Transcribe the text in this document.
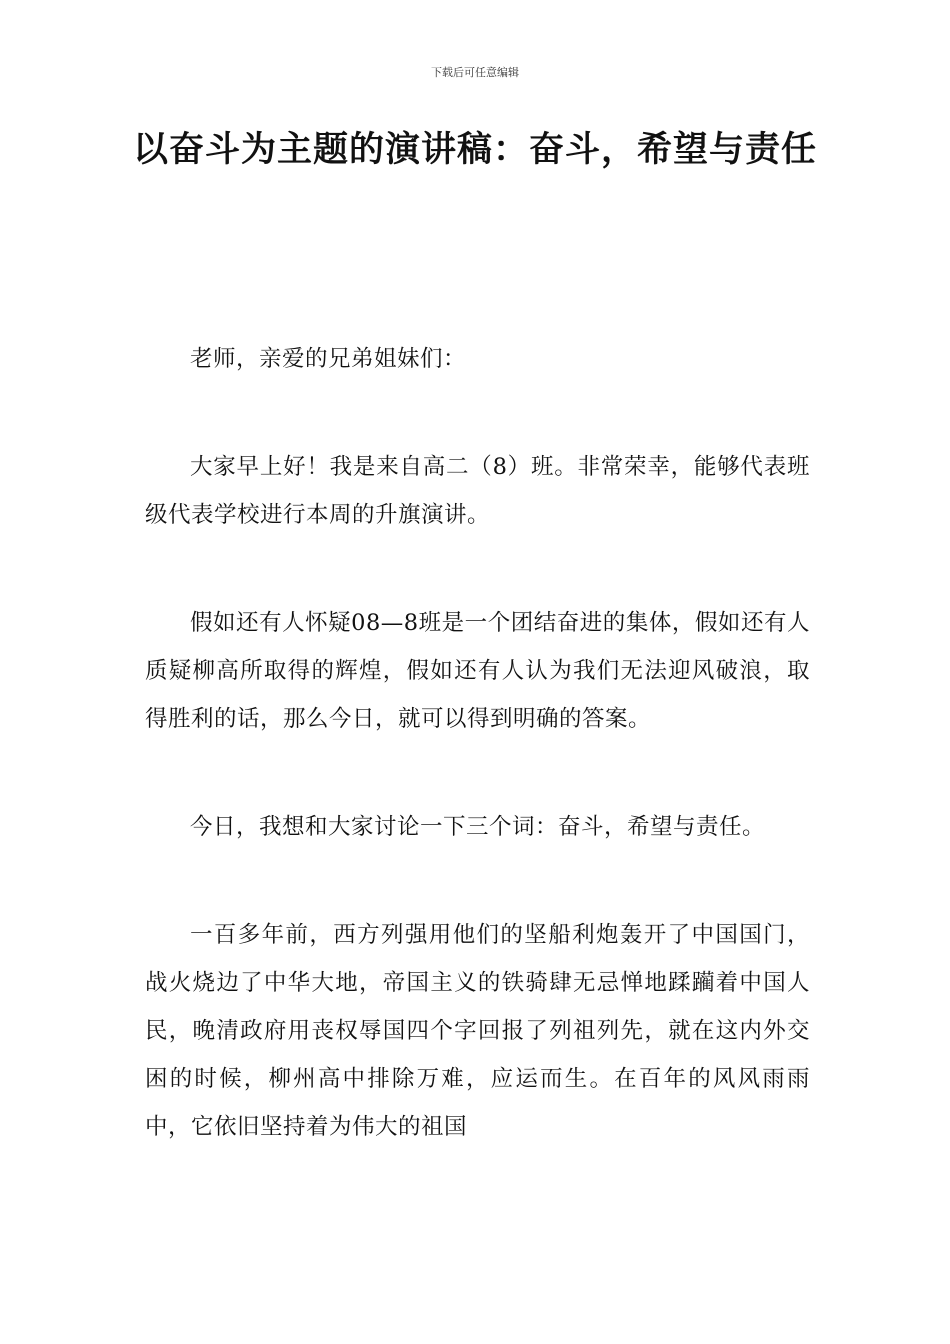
下载后可任意编辑
以奋斗为主题的演讲稿：奋斗，希望与责任

老师，亲爱的兄弟姐妹们：

大家早上好！我是来自高二（8）班。非常荣幸，能够代表班级代表学校进行本周的升旗演讲。

假如还有人怀疑08—8班是一个团结奋进的集体，假如还有人质疑柳高所取得的辉煌，假如还有人认为我们无法迎风破浪，取得胜利的话，那么今日，就可以得到明确的答案。

今日，我想和大家讨论一下三个词：奋斗，希望与责任。

一百多年前，西方列强用他们的坚船利炮轰开了中国国门，战火烧边了中华大地，帝国主义的铁骑肆无忌惮地蹂躏着中国人民，晚清政府用丧权辱国四个字回报了列祖列先，就在这内外交困的时候，柳州高中排除万难，应运而生。在百年的风风雨雨中，它依旧坚持着为伟大的祖国
